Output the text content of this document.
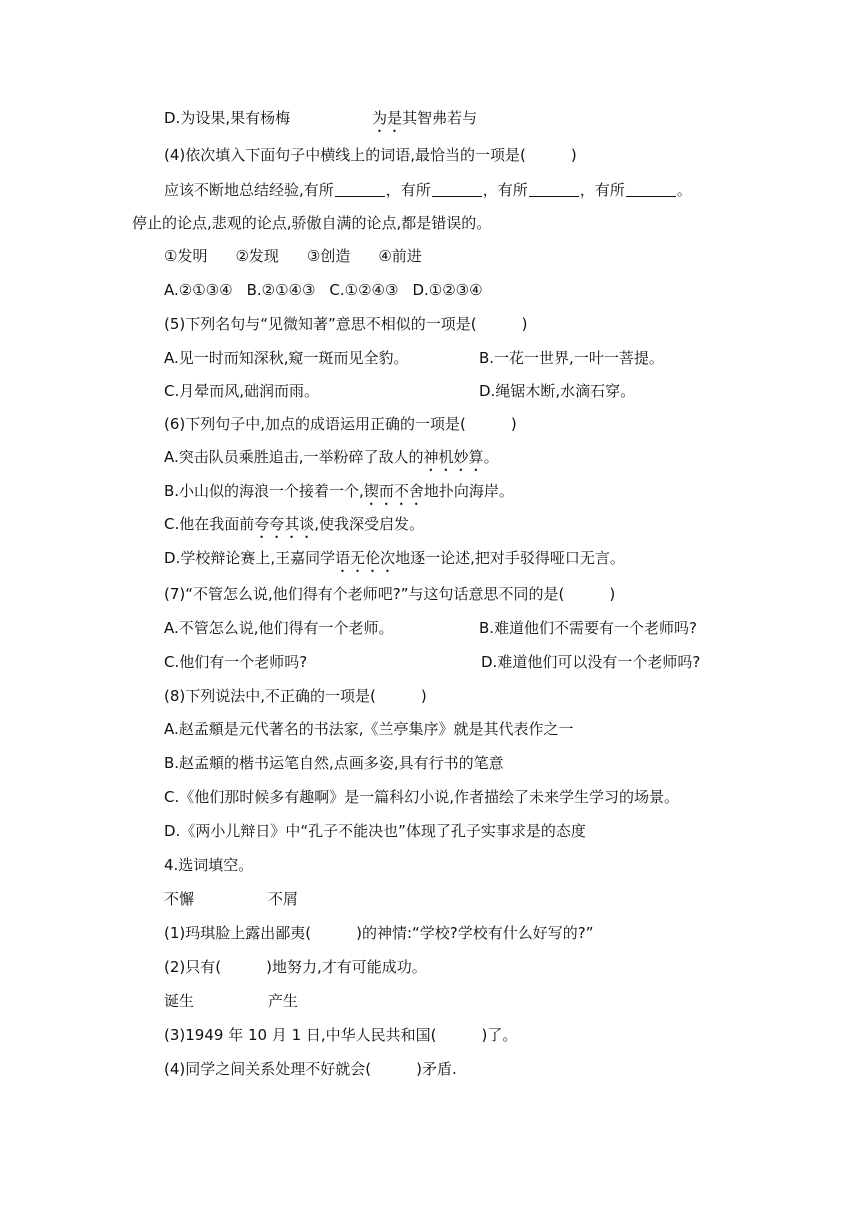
D.为设果,果有杨梅	为是其智弗若与
(4)依次填入下面句子中横线上的词语,最恰当的一项是(　　　)
应该不断地总结经验,有所	，有所	，有所	，有所	。
停止的论点,悲观的论点,骄傲自满的论点,都是错误的。
①发明 ②发现 ③创造 ④前进
A.②①③④ B.②①④③ C.①②④③ D.①②③④
(5)下列名句与“见微知著”意思不相似的一项是(　　　)
A.见一时而知深秋,窥一斑而见全豹。	B.一花一世界,一叶一菩提。
C.月晕而风,础润而雨。	D.绳锯木断,水滴石穿。
(6)下列句子中,加点的成语运用正确的一项是(　　　)
A.突击队员乘胜追击,一举粉碎了敌人的神机妙算。
B.小山似的海浪一个接着一个,锲而不舍地扑向海岸。
C.他在我面前夸夸其谈,使我深受启发。
D.学校辩论赛上,王嘉同学语无伦次地逐一论述,把对手驳得哑口无言。
(7)“不管怎么说,他们得有个老师吧?”与这句话意思不同的是(　　　)
A.不管怎么说,他们得有一个老师。	B.难道他们不需要有一个老师吗?
C.他们有一个老师吗?	D.难道他们可以没有一个老师吗?
(8)下列说法中,不正确的一项是(　　　)
A.赵孟頫是元代著名的书法家,《兰亭集序》就是其代表作之一
B.赵孟頫的楷书运笔自然,点画多姿,具有行书的笔意
C.《他们那时候多有趣啊》是一篇科幻小说,作者描绘了未来学生学习的场景。
D.《两小儿辩日》中“孔子不能决也”体现了孔子实事求是的态度
4.选词填空。
不懈	不屑
(1)玛琪脸上露出鄙夷(　　　)的神情:“学校?学校有什么好写的?”
(2)只有(　　　)地努力,才有可能成功。
诞生	产生
(3)1949 年 10 月 1 日,中华人民共和国(　　　)了。
(4)同学之间关系处理不好就会(　　　)矛盾.
